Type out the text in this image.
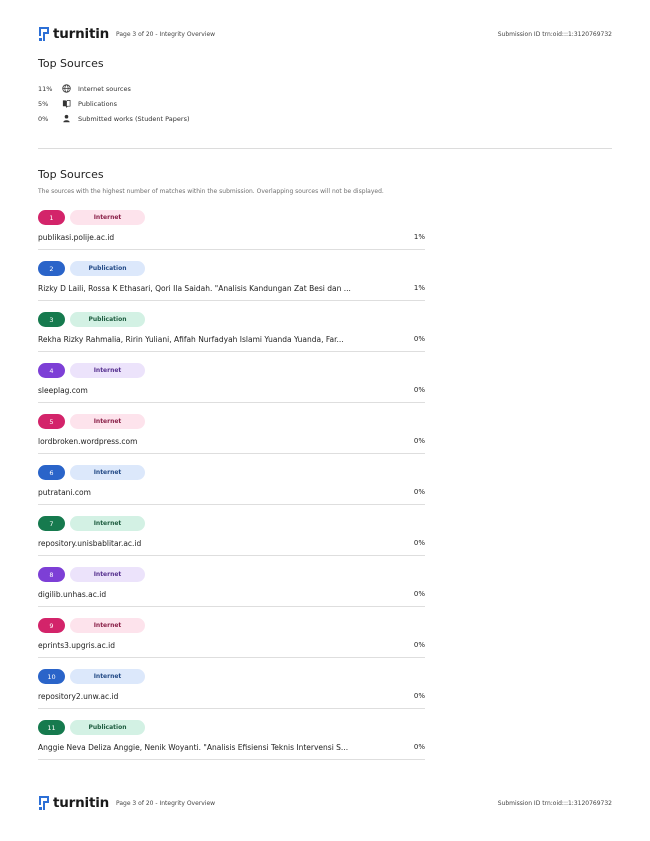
turnitin Page 3 of 20 - Integrity Overview	Submission ID trn:oid:::1:3120769732
Top Sources
11%	Internet sources
5%	Publications
0%	Submitted works (Student Papers)
Top Sources
The sources with the highest number of matches within the submission. Overlapping sources will not be displayed.
1	Internet
publikasi.polije.ac.id	1%
2	Publication
Rizky D Laili, Rossa K Ethasari, Qori Ila Saidah. "Analisis Kandungan Zat Besi dan ...	1%
3	Publication
Rekha Rizky Rahmalia, Ririn Yuliani, Afifah Nurfadyah Islami Yuanda Yuanda, Far...	0%
4	Internet
sleeplag.com	0%
5	Internet
lordbroken.wordpress.com	0%
6	Internet
putratani.com	0%
7	Internet
repository.unisbablitar.ac.id	0%
8	Internet
digilib.unhas.ac.id	0%
9	Internet
eprints3.upgris.ac.id	0%
10	Internet
repository2.unw.ac.id	0%
11	Publication
Anggie Neva Deliza Anggie, Nenik Woyanti. "Analisis Efisiensi Teknis Intervensi S...	0%
turnitin Page 3 of 20 - Integrity Overview	Submission ID trn:oid:::1:3120769732
